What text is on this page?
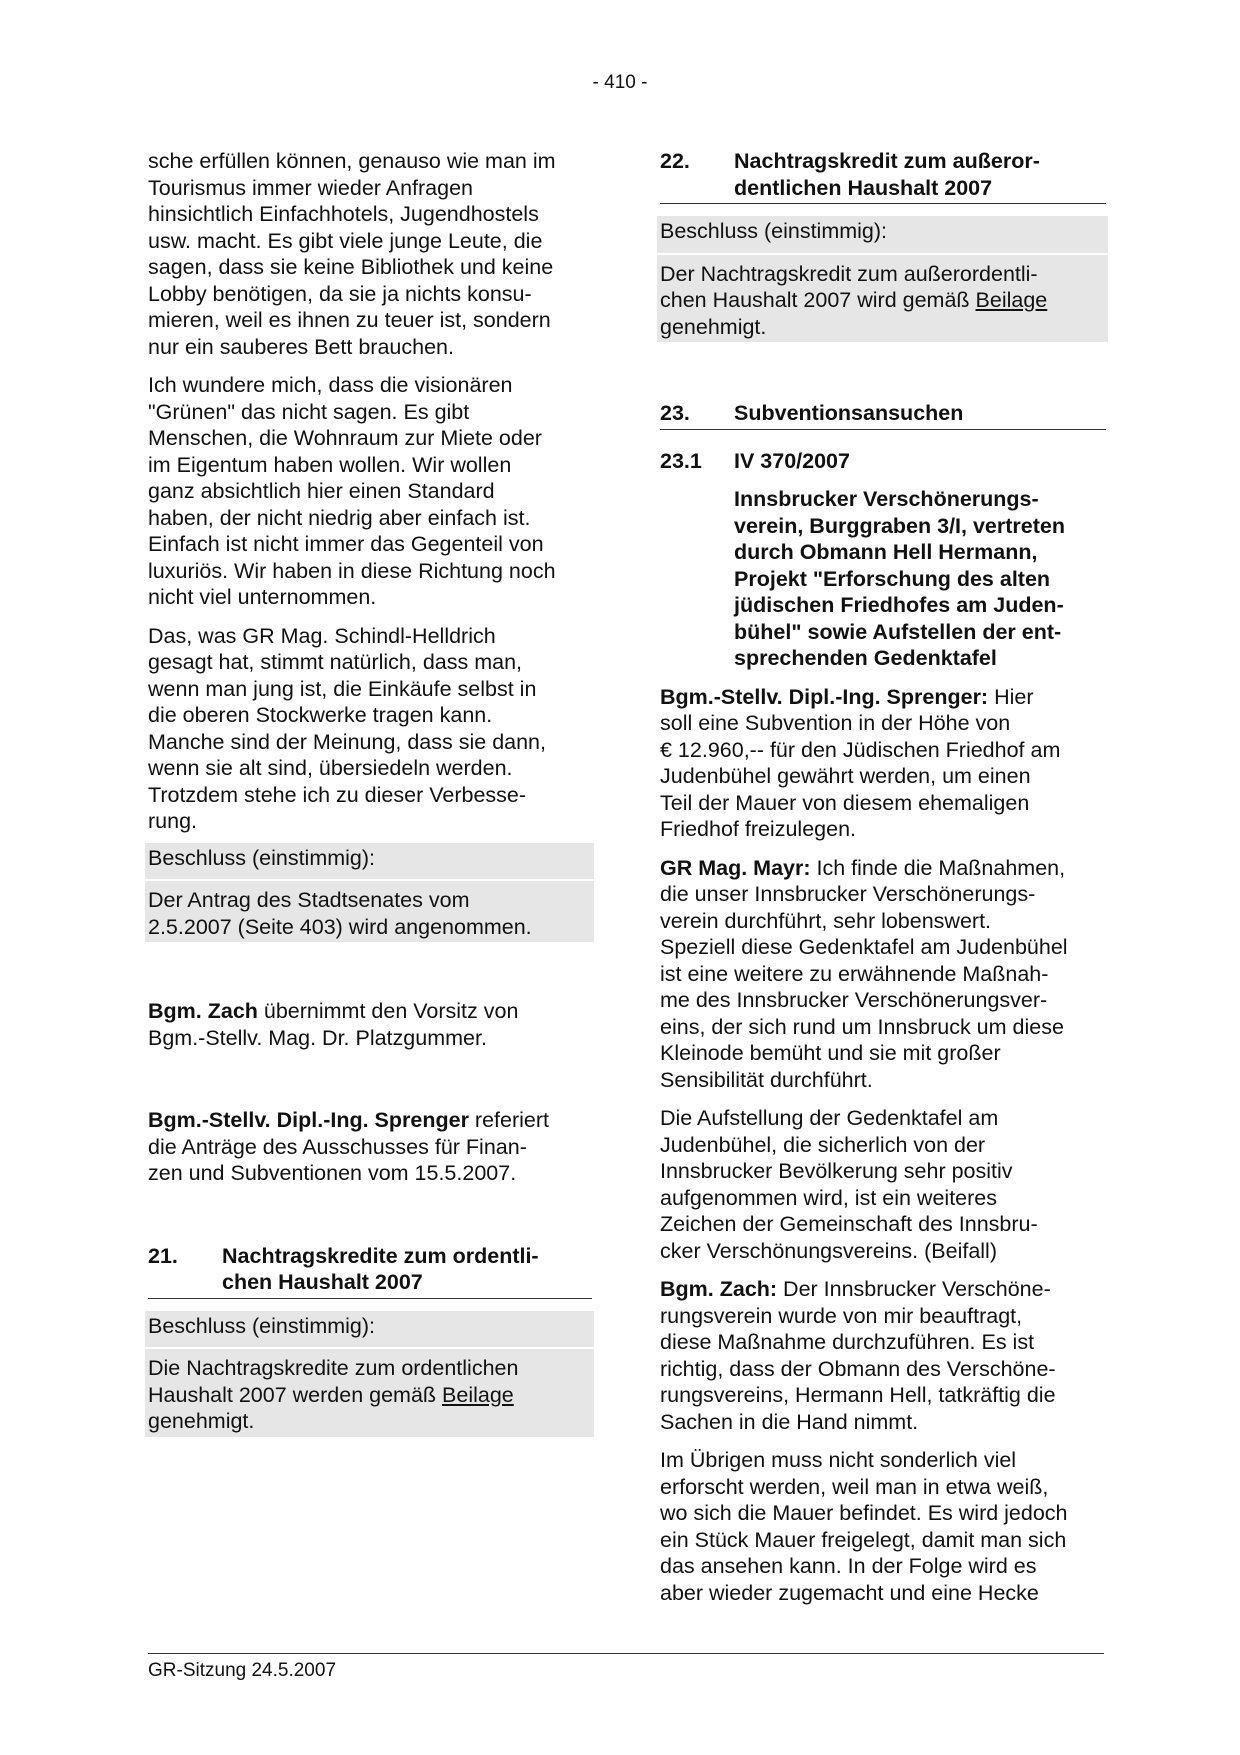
- 410 -

sche erfüllen können, genauso wie man im
Tourismus immer wieder Anfragen
hinsichtlich Einfachhotels, Jugendhostels
usw. macht. Es gibt viele junge Leute, die
sagen, dass sie keine Bibliothek und keine
Lobby benötigen, da sie ja nichts konsu-
mieren, weil es ihnen zu teuer ist, sondern
nur ein sauberes Bett brauchen.

Ich wundere mich, dass die visionären
"Grünen" das nicht sagen. Es gibt
Menschen, die Wohnraum zur Miete oder
im Eigentum haben wollen. Wir wollen
ganz absichtlich hier einen Standard
haben, der nicht niedrig aber einfach ist.
Einfach ist nicht immer das Gegenteil von
luxuriös. Wir haben in diese Richtung noch
nicht viel unternommen.

Das, was GR Mag. Schindl-Helldrich
gesagt hat, stimmt natürlich, dass man,
wenn man jung ist, die Einkäufe selbst in
die oberen Stockwerke tragen kann.
Manche sind der Meinung, dass sie dann,
wenn sie alt sind, übersiedeln werden.
Trotzdem stehe ich zu dieser Verbesse-
rung.

Beschluss (einstimmig):
Der Antrag des Stadtsenates vom
2.5.2007 (Seite 403) wird angenommen.

Bgm. Zach übernimmt den Vorsitz von
Bgm.-Stellv. Mag. Dr. Platzgummer.

Bgm.-Stellv. Dipl.-Ing. Sprenger referiert
die Anträge des Ausschusses für Finan-
zen und Subventionen vom 15.5.2007.

21.	Nachtragskredite zum ordentli-
chen Haushalt 2007
Beschluss (einstimmig):
Die Nachtragskredite zum ordentlichen
Haushalt 2007 werden gemäß Beilage
genehmigt.
22.	Nachtragskredit zum außeror-
dentlichen Haushalt 2007
Beschluss (einstimmig):
Der Nachtragskredit zum außerordentli-
chen Haushalt 2007 wird gemäß Beilage
genehmigt.
23.	Subventionsansuchen
23.1	IV 370/2007
Innsbrucker Verschönerungs-
verein, Burggraben 3/I, vertreten
durch Obmann Hell Hermann,
Projekt "Erforschung des alten
jüdischen Friedhofes am Juden-
bühel" sowie Aufstellen der ent-
sprechenden Gedenktafel

Bgm.-Stellv. Dipl.-Ing. Sprenger: Hier
soll eine Subvention in der Höhe von
€ 12.960,-- für den Jüdischen Friedhof am
Judenbühel gewährt werden, um einen
Teil der Mauer von diesem ehemaligen
Friedhof freizulegen.

GR Mag. Mayr: Ich finde die Maßnahmen,
die unser Innsbrucker Verschönerungs-
verein durchführt, sehr lobenswert.
Speziell diese Gedenktafel am Judenbühel
ist eine weitere zu erwähnende Maßnah-
me des Innsbrucker Verschönerungsver-
eins, der sich rund um Innsbruck um diese
Kleinode bemüht und sie mit großer
Sensibilität durchführt.

Die Aufstellung der Gedenktafel am
Judenbühel, die sicherlich von der
Innsbrucker Bevölkerung sehr positiv
aufgenommen wird, ist ein weiteres
Zeichen der Gemeinschaft des Innsbru-
cker Verschönungsvereins. (Beifall)

Bgm. Zach: Der Innsbrucker Verschöne-
rungsverein wurde von mir beauftragt,
diese Maßnahme durchzuführen. Es ist
richtig, dass der Obmann des Verschöne-
rungsvereins, Hermann Hell, tatkräftig die
Sachen in die Hand nimmt.

Im Übrigen muss nicht sonderlich viel
erforscht werden, weil man in etwa weiß,
wo sich die Mauer befindet. Es wird jedoch
ein Stück Mauer freigelegt, damit man sich
das ansehen kann. In der Folge wird es
aber wieder zugemacht und eine Hecke

GR-Sitzung 24.5.2007
